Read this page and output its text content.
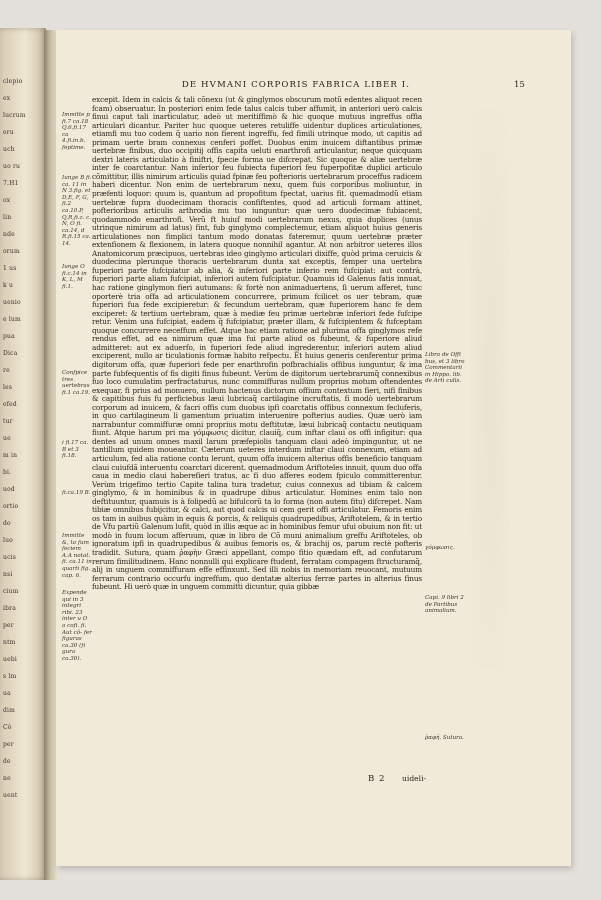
clepio
ex
lucrum
eru
uch
uo ru
7.H1
ox
lin
nde
orum
1 us
k u
uenio
e lum
pua
Dica
re
les
efed
tur
ue
m in
bi.
uod
ortio
do
luo
ucis
nsi
cium
ibra
per
ntm
uebi
s lm
ua
dim
Cô
per
de
ne
uent
DE HVMANI CORPORIS FABRICA LIBER I.	15

excepit. Idem in calcis & tali cõnexu (ut & ginglymos obscurum motũ edentes aliquot recen fcam) obseruatur. In posteriori enim fede talus calcis tuber affumit, in anteriori uerò calcis finui caput tali inarticulatur, adeò ut meritiffimò & hic quoque mutuus ingreffus offia articulari dicantur. Pariter huc quoque ueteres retuliffe uidentur duplices articulationes, etiamfi mu tuo codem q̃ uario non fierent ingreffu, fed fimili utrinque modo, ut capitis ad primam uerte bram connexus cenferi poffet. Duobus enim inuicem diftantibus primæ uertebræ finibus, duo occipitij offis capita ueluti enarthrofi articulantur, neque quicquam dextri lateris articulatio à finiftri, fpecie forma ue difcrepat. Sic quoque & aliæ uertebræ inter fe coarctantur. Nam inferior feu fubiecta fuperiori feu fuperpofitæ duplici articulo cõmittitur, illis nimirum articulis quiad fpinæ feu pofterioris uertebrarum proceffus radicem haberi dicentur. Non enim de uertebrarum nexu, quem fuis corporibus moliuntur, in præfenti loquor: quum is, quantum ad propofitum fpectat, uarius fit. quemadmodũ etiam uertebræ fupra duodecimam thoracis confiftentes, quod ad articuli formam attinet, pofterioribus articulis arthrodia mu tuo iunguntur: quæ uero duodecimæ fubiacent, quodammodo enarthrofi. Verũ ft huiuf modi uertebrarum nexus, quia duplices (unus utrinque nimirum ad latus) fint, fub ginglymo complectemur, etiam aliquot huius generis articulationes non fimplici tantum modo donatas fateremur, quum uertebræ præter extenfionem & flexionem, in latera quoque nonnihil agantur. At non arbitror ueteres illos Anatomicorum præcipuos, uertebras ideo ginglymo articulari dixiffe, quòd prima ceruicis & duodecima plerunque thoracis uertebrarum dunta xat exceptis, femper una uertebra fuperiori parte fufcipiatur ab alia, & inferiori parte inferio rem fufcipiat: aut contrà, fuperiori parte aliam fufcipiat, inferiori autem fufcipiatur. Quamuis id Galenus fatis innuat, hac ratione ginglymon fieri autumans: & fortè non animaduertens, ſi uerum afferet, tunc oporterè tria offa ad articulationem concurrere, primum fcilicet os uer tebram, quæ fuperiori fua fede excipieretur: & fecundum uertebram, quæ fuperiorem hanc fe dem exciperet: & tertium uertebram, quæ à mediæ feu primæ uertebræ inferiori fede fufcipe retur. Venim una fufcipiat, eadem q̃ fufcipiatur, præter illam, & fufcipientem & fufceptam quoque concurrere neceffum effet. Atque hac etiam ratione ad plurima offa ginglymos refe rendus effet, ad ea nimirum quæ ima fui parte aliud os fubeunt, & fuperiore aliud admitteret: aut ex aduerfo, in fuperiori fede aliud ingrederentur, inferiori autem aliud exciperent, nullo ar ticulationis formæ habito refpectu. Et huius generis cenferentur prima digitorum offa, quæ fuperiori fede per enarthrofin pofbrachialis offibus iunguntur, & ima parte fubfequentis of fis digiti finus fubeunt. Verùm de digitorum uertebrarumq̃ connexibus fuo loco cumulatim perfractaturus, nunc commiffuras nullum proprius motum oftendentes exequar, fi prius ad monuero, nullum hactenus dictorum offium contextum fieri, nifi finibus & capitibus fuis fu perficiebus læui lubricaq̃ cartilagine incruftatis, fi modò uertebrarum corporum ad inuicem, & facri offis cum duobus ipfi coarctatis offibus connexum fecluferis, in quo cartilagineum li gamentum priuatim interuenire pofterius audies. Quæ uerò iam narrabuntur commiffuræ omni proprius motu deftitutæ, læui lubricaq̃ contactu neutiquam fiunt. Atque harum pri ma γόμφωσις dicitur, clauiq̃, cum inftar claui os offi infigitur: qua dentes ad unum omnes maxil larum præfepiolis tanquam claui adeò impinguntur, ut ne tantillum quidem moueantur. Cæterum ueteres interdum inftar claui connexum, etiam ad articulum, fed alia ratione contu lerunt, quum offa inuicem alterius offis beneficio tanquam claui cuiufdã interuentu coarctari dicerent. quemadmodum Ariftoteles innuit, quum duo offa caua in medio claui haberefieri tratus, ac fi duo afferes eodem fpiculo committerentur. Verùm trigefimo tertio Capite talina tura tradetur, cuius connexus ad tibiam & calcem ginglymo, & in hominibus & in quadrupe dibus articulatur. Homines enim talo non deftituuntur, quamuis is à folipedũ ac bifulcorũ ta lo forma (non autem fitu) difcrepet. Nam tibiæ omnibus fubijcitur, & calci, aut quod calcis ui cem gerit offi articulatur. Femoris enim os tam in auibus quàm in equis & porcis, & reliquis quadrupedibus, Ariftotelem, & in tertio de Vfu partiũ Galenum lufit, quòd in illis æque ac in hominibus femur ufui obuium non fit: ut modò in fuum locum afferuum, quæ in libro de Cõ muni animalium greffu Ariftoteles, ob ignoratum ipfi in quadrupedibus & auibus femoris os, & brachij os, parum rectè pofteris tradidit. Sutura, quam ῥαφὴν Græci appellant, compo fitio quædam eft, ad confutarum rerum fimilitudinem. Hanc nonnulli qui explicare ftudent, ferratam compagem ftructuramq̃, alij in unguem commiffuram effe effinxunt. Sed illi nobis in memoriam reuocant, mutuum ferrarum contrario occurfu ingreffum, quo dentatæ alterius ferræ partes in alterius finus fubeunt. Hi uerò quæ in unguem committi dicuntur, quia gibbæ

Immitte p fi.7 ca.18 Q.6.fi.17 ca 4.fi.in.b. feptime.
Iunge B fi. ca. 11 in N 3.fig. et D,E, F, G, fi.2 ca.10.P, Q,R,fi.z. c. N, O fi. ca.14, d R.fi.15 ca. 14.
Iunge O fi.c.14 in K, L, M fi.1.
Confpice tres uertebras fi.1 ca.19.
i fi.17 ca. B et 3 fi.18.
fi.ca.19 B.
Immitte &, ta fum feciem A.A notat. fi. ca.11 in quarti fig. cap. 6.
Expende qui in 3 integri ribi. 23 inter u O a cofi. fi. Aut cô- fer figuras ca.30 (fi gura ca.30).
Libro de Offi bus, et 3 libro Commentarii in Hippo. lib. de Arti culis.
γόμφωσις.
Capi. 9 libri 2 de Partibus animalium.
ῥαφή. Sutura.
B 2 uideli-
